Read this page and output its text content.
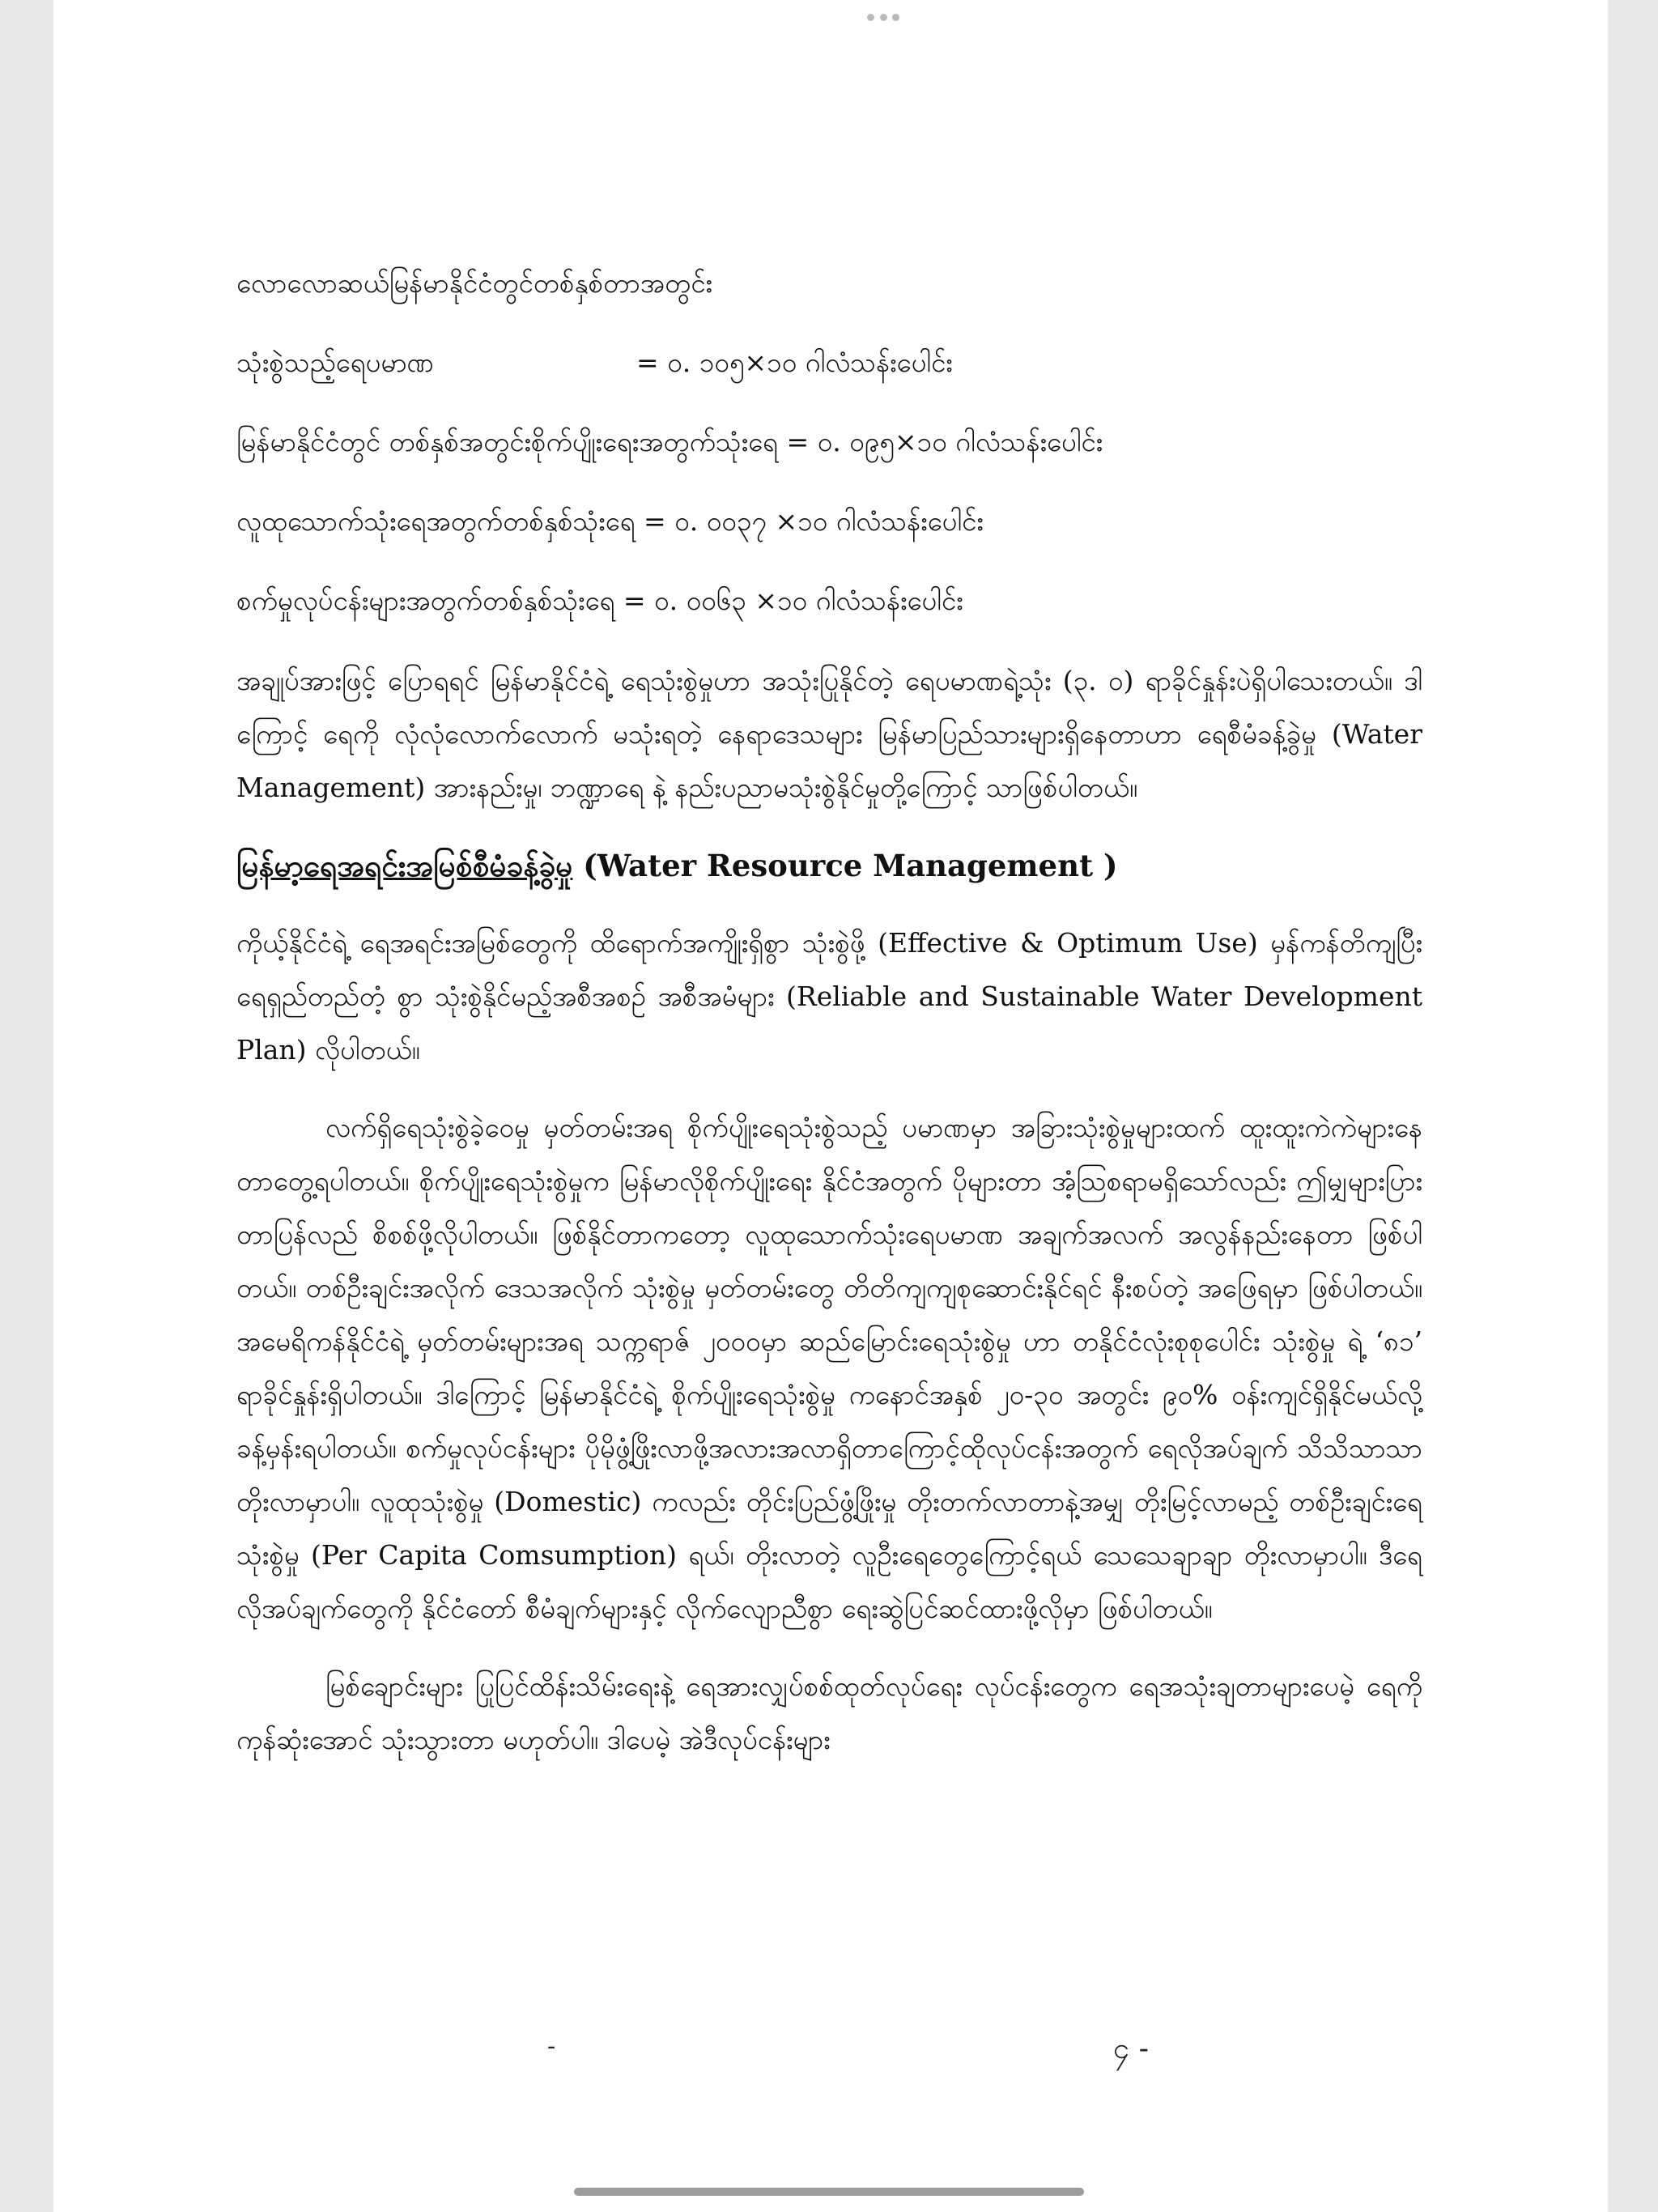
လောလောဆယ်မြန်မာနိုင်ငံတွင်တစ်နှစ်တာအတွင်း
သုံးစွဲသည့်ရေပမာဏ	= ၀. ၁၀၅×၁၀ ဂါလံသန်းပေါင်း
မြန်မာနိုင်ငံတွင် တစ်နှစ်အတွင်းစိုက်ပျိုးရေးအတွက်သုံးရေ = ၀. ၀၉၅×၁၀ ဂါလံသန်းပေါင်း
လူထုသောက်သုံးရေအတွက်တစ်နှစ်သုံးရေ = ၀. ၀၀၃၇ ×၁၀ ဂါလံသန်းပေါင်း
စက်မှုလုပ်ငန်းများအတွက်တစ်နှစ်သုံးရေ = ၀. ၀၀၆၃ ×၁၀ ဂါလံသန်းပေါင်း

အချုပ်အားဖြင့် ပြောရရင် မြန်မာနိုင်ငံရဲ့ ရေသုံးစွဲမှုဟာ အသုံးပြုနိုင်တဲ့ ရေပမာဏရဲ့သုံး (၃. ၀) ရာခိုင်နှုန်းပဲရှိပါသေးတယ်။ ဒါကြောင့် ရေကို လုံလုံလောက်လောက် မသုံးရတဲ့ နေရာဒေသများ မြန်မာပြည်သားများရှိနေတာဟာ ရေစီမံခန့်ခွဲမှု (Water Management) အားနည်းမှု၊ ဘဏ္ဍာရေ နဲ့ နည်းပညာမသုံးစွဲနိုင်မှုတို့ကြောင့် သာဖြစ်ပါတယ်။

မြန်မာ့ရေအရင်းအမြစ်စီမံခန့်ခွဲမှု (Water Resource Management )

ကိုယ့်နိုင်ငံရဲ့ ရေအရင်းအမြစ်တွေကို ထိရောက်အကျိုးရှိစွာ သုံးစွဲဖို့ (Effective & Optimum Use) မှန်ကန်တိကျပြီး ရေရှည်တည်တံ့ စွာ သုံးစွဲနိုင်မည့်အစီအစဉ် အစီအမံများ (Reliable and Sustainable Water Development Plan) လိုပါတယ်။

လက်ရှိရေသုံးစွဲခဲ့ဝေမှု မှတ်တမ်းအရ စိုက်ပျိုးရေသုံးစွဲသည့် ပမာဏမှာ အခြားသုံးစွဲမှုများထက် ထူးထူးကဲကဲများနေတာတွေ့ရပါတယ်။ စိုက်ပျိုးရေသုံးစွဲမှုက မြန်မာလိုစိုက်ပျိုးရေး နိုင်ငံအတွက် ပိုများတာ အံ့သြစရာမရှိသော်လည်း ဤမျှများပြားတာပြန်လည် စိစစ်ဖို့လိုပါတယ်။ ဖြစ်နိုင်တာကတော့ လူထုသောက်သုံးရေပမာဏ အချက်အလက် အလွန်နည်းနေတာ ဖြစ်ပါတယ်။ တစ်ဦးချင်းအလိုက် ဒေသအလိုက် သုံးစွဲမှု မှတ်တမ်းတွေ တိတိကျကျစုဆောင်းနိုင်ရင် နီးစပ်တဲ့ အဖြေရမှာ ဖြစ်ပါတယ်။ အမေရိကန်နိုင်ငံရဲ့ မှတ်တမ်းများအရ သက္ကရာဇ် ၂၀၀၀မှာ ဆည်မြောင်းရေသုံးစွဲမှု ဟာ တနိုင်ငံလုံးစုစုပေါင်း သုံးစွဲမှု ရဲ့ ‘၈၁’ ရာခိုင်နှုန်းရှိပါတယ်။ ဒါကြောင့် မြန်မာနိုင်ငံရဲ့ စိုက်ပျိုးရေသုံးစွဲမှု ကနောင်အနှစ် ၂၀-၃၀ အတွင်း ၉၀% ဝန်းကျင်ရှိနိုင်မယ်လို့ ခန့်မှန်းရပါတယ်။ စက်မှုလုပ်ငန်းများ ပိုမိုဖွံ့ဖြိုးလာဖို့အလားအလာရှိတာကြောင့်ထိုလုပ်ငန်းအတွက် ရေလိုအပ်ချက် သိသိသာသာတိုးလာမှာပါ။ လူထုသုံးစွဲမှု (Domestic) ကလည်း တိုင်းပြည်ဖွံ့ဖြိုးမှု တိုးတက်လာတာနဲ့အမျှ တိုးမြင့်လာမည့် တစ်ဦးချင်းရေသုံးစွဲမှု (Per Capita Comsumption) ရယ်၊ တိုးလာတဲ့ လူဦးရေတွေကြောင့်ရယ် သေသေချာချာ တိုးလာမှာပါ။ ဒီရေလိုအပ်ချက်တွေကို နိုင်ငံတော် စီမံချက်များနှင့် လိုက်လျောညီစွာ ရေးဆွဲပြင်ဆင်ထားဖို့လိုမှာ ဖြစ်ပါတယ်။

မြစ်ချောင်းများ ပြုပြင်ထိန်းသိမ်းရေးနဲ့ ရေအားလျှပ်စစ်ထုတ်လုပ်ရေး လုပ်ငန်းတွေက ရေအသုံးချတာများပေမဲ့ ရေကိုကုန်ဆုံးအောင် သုံးသွားတာ မဟုတ်ပါ။ ဒါပေမဲ့ အဲဒီလုပ်ငန်းများ

-	၄ -
